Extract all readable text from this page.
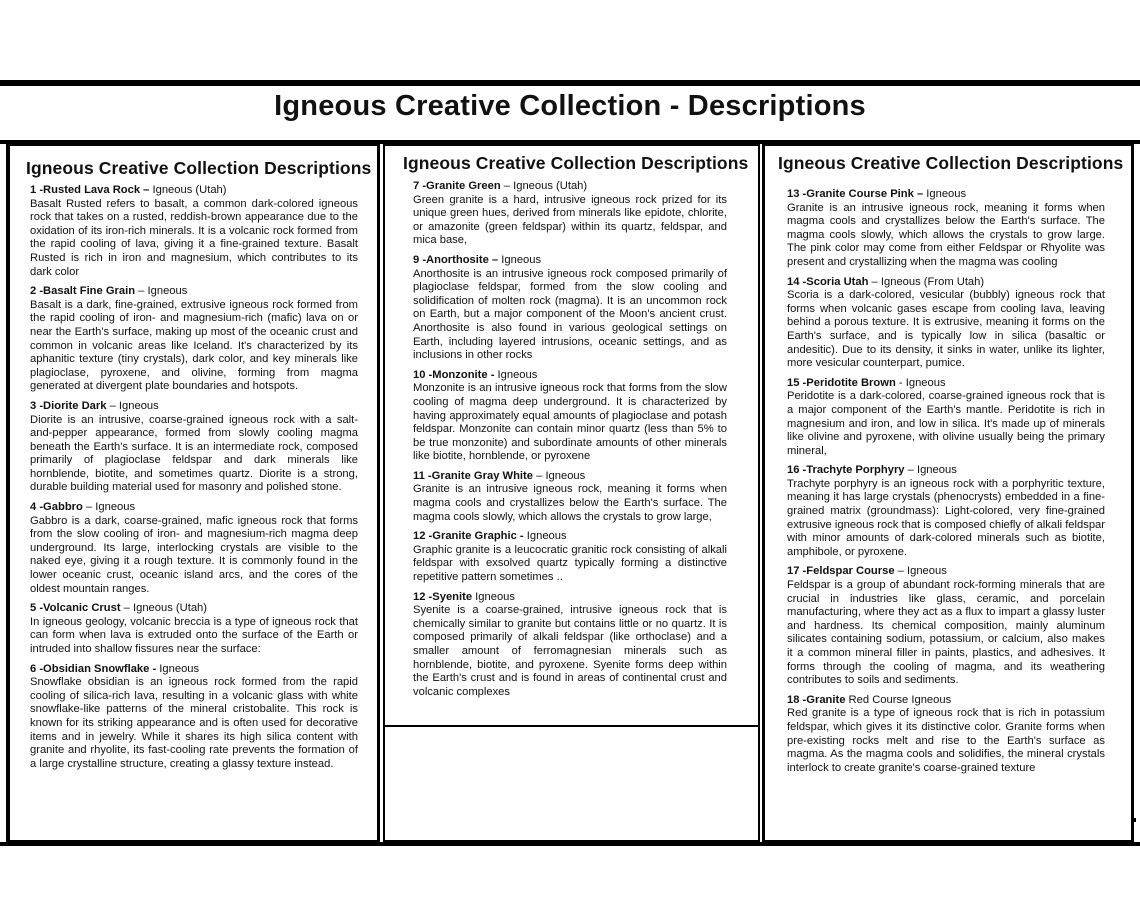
Igneous Creative Collection - Descriptions
Igneous Creative Collection Descriptions
1 -Rusted Lava Rock – Igneous (Utah)
Basalt Rusted refers to basalt, a common dark-colored igneous rock that takes on a rusted, reddish-brown appearance due to the oxidation of its iron-rich minerals. It is a volcanic rock formed from the rapid cooling of lava, giving it a fine-grained texture. Basalt Rusted is rich in iron and magnesium, which contributes to its dark color
2 -Basalt Fine Grain – Igneous
Basalt is a dark, fine-grained, extrusive igneous rock formed from the rapid cooling of iron- and magnesium-rich (mafic) lava on or near the Earth's surface, making up most of the oceanic crust and common in volcanic areas like Iceland. It's characterized by its aphanitic texture (tiny crystals), dark color, and key minerals like plagioclase, pyroxene, and olivine, forming from magma generated at divergent plate boundaries and hotspots.
3 -Diorite Dark – Igneous
Diorite is an intrusive, coarse-grained igneous rock with a salt-and-pepper appearance, formed from slowly cooling magma beneath the Earth's surface. It is an intermediate rock, composed primarily of plagioclase feldspar and dark minerals like hornblende, biotite, and sometimes quartz. Diorite is a strong, durable building material used for masonry and polished stone.
4 -Gabbro – Igneous
Gabbro is a dark, coarse-grained, mafic igneous rock that forms from the slow cooling of iron- and magnesium-rich magma deep underground. Its large, interlocking crystals are visible to the naked eye, giving it a rough texture. It is commonly found in the lower oceanic crust, oceanic island arcs, and the cores of the oldest mountain ranges.
5 -Volcanic Crust – Igneous (Utah)
In igneous geology, volcanic breccia is a type of igneous rock that can form when lava is extruded onto the surface of the Earth or intruded into shallow fissures near the surface:
6 -Obsidian Snowflake - Igneous
Snowflake obsidian is an igneous rock formed from the rapid cooling of silica-rich lava, resulting in a volcanic glass with white snowflake-like patterns of the mineral cristobalite. This rock is known for its striking appearance and is often used for decorative items and in jewelry. While it shares its high silica content with granite and rhyolite, its fast-cooling rate prevents the formation of a large crystalline structure, creating a glassy texture instead.
Igneous Creative Collection Descriptions
7 -Granite Green – Igneous (Utah)
Green granite is a hard, intrusive igneous rock prized for its unique green hues, derived from minerals like epidote, chlorite, or amazonite (green feldspar) within its quartz, feldspar, and mica base,
9 -Anorthosite – Igneous
Anorthosite is an intrusive igneous rock composed primarily of plagioclase feldspar, formed from the slow cooling and solidification of molten rock (magma). It is an uncommon rock on Earth, but a major component of the Moon's ancient crust. Anorthosite is also found in various geological settings on Earth, including layered intrusions, oceanic settings, and as inclusions in other rocks
10 -Monzonite - Igneous
Monzonite is an intrusive igneous rock that forms from the slow cooling of magma deep underground. It is characterized by having approximately equal amounts of plagioclase and potash feldspar. Monzonite can contain minor quartz (less than 5% to be true monzonite) and subordinate amounts of other minerals like biotite, hornblende, or pyroxene
11 -Granite Gray White – Igneous
Granite is an intrusive igneous rock, meaning it forms when magma cools and crystallizes below the Earth's surface. The magma cools slowly, which allows the crystals to grow large,
12 -Granite Graphic - Igneous
Graphic granite is a leucocratic granitic rock consisting of alkali feldspar with exsolved quartz typically forming a distinctive repetitive pattern sometimes ..
12 -Syenite Igneous
Syenite is a coarse-grained, intrusive igneous rock that is chemically similar to granite but contains little or no quartz. It is composed primarily of alkali feldspar (like orthoclase) and a smaller amount of ferromagnesian minerals such as hornblende, biotite, and pyroxene. Syenite forms deep within the Earth's crust and is found in areas of continental crust and volcanic complexes
Igneous Creative Collection Descriptions
13 -Granite Course Pink – Igneous
Granite is an intrusive igneous rock, meaning it forms when magma cools and crystallizes below the Earth's surface. The magma cools slowly, which allows the crystals to grow large. The pink color may come from either Feldspar or Rhyolite was present and crystallizing when the magma was cooling
14 -Scoria Utah – Igneous (From Utah)
Scoria is a dark-colored, vesicular (bubbly) igneous rock that forms when volcanic gases escape from cooling lava, leaving behind a porous texture. It is extrusive, meaning it forms on the Earth's surface, and is typically low in silica (basaltic or andesitic). Due to its density, it sinks in water, unlike its lighter, more vesicular counterpart, pumice.
15 -Peridotite Brown - Igneous
Peridotite is a dark-colored, coarse-grained igneous rock that is a major component of the Earth's mantle. Peridotite is rich in magnesium and iron, and low in silica. It's made up of minerals like olivine and pyroxene, with olivine usually being the primary mineral,
16 -Trachyte Porphyry – Igneous
Trachyte porphyry is an igneous rock with a porphyritic texture, meaning it has large crystals (phenocrysts) embedded in a fine-grained matrix (groundmass): Light-colored, very fine-grained extrusive igneous rock that is composed chiefly of alkali feldspar with minor amounts of dark-colored minerals such as biotite, amphibole, or pyroxene.
17 -Feldspar Course – Igneous
Feldspar is a group of abundant rock-forming minerals that are crucial in industries like glass, ceramic, and porcelain manufacturing, where they act as a flux to impart a glassy luster and hardness. Its chemical composition, mainly aluminum silicates containing sodium, potassium, or calcium, also makes it a common mineral filler in paints, plastics, and adhesives. It forms through the cooling of magma, and its weathering contributes to soils and sediments.
18 -Granite Red Course Igneous
Red granite is a type of igneous rock that is rich in potassium feldspar, which gives it its distinctive color. Granite forms when pre-existing rocks melt and rise to the Earth's surface as magma. As the magma cools and solidifies, the mineral crystals interlock to create granite's coarse-grained texture
